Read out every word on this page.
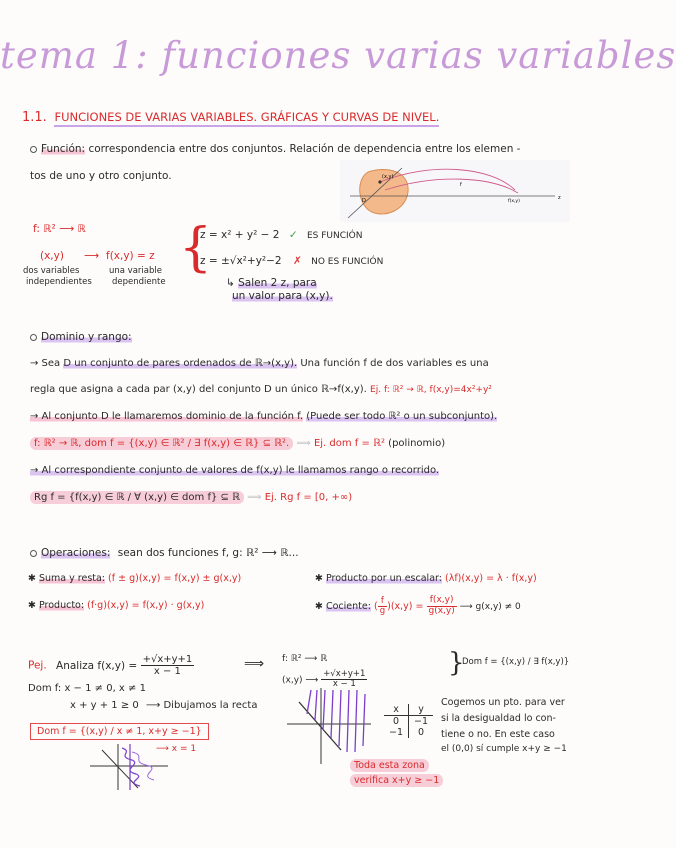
tema 1: funciones varias variables
1.1. FUNCIONES DE VARIAS VARIABLES. GRÁFICAS Y CURVAS DE NIVEL.
Función: correspondencia entre dos conjuntos. Relación de dependencia entre los elemen -
tos de uno y otro conjunto.	(x,y)
D
f
f(x,y)
z
f: ℝ² ⟶ ℝ
(x,y) ⟶ f(x,y) = z
dos variables
independientes
una variable
dependiente
{
z = x² + y² − 2 ✓ ES FUNCIÓN
z = ±√x²+y²−2 ✗ NO ES FUNCIÓN
↳ Salen 2 z, para
un valor para (x,y).
Dominio y rango:
→ Sea D un conjunto de pares ordenados de ℝ→(x,y). Una función f de dos variables es una
regla que asigna a cada par (x,y) del conjunto D un único ℝ→f(x,y). Ej. f: ℝ² → ℝ, f(x,y)=4x²+y²
→ Al conjunto D le llamaremos dominio de la función f. (Puede ser todo ℝ² o un subconjunto).
f: ℝ² → ℝ, dom f = {(x,y) ∈ ℝ² / ∃ f(x,y) ∈ ℝ} ⊆ ℝ². ⟹ Ej. dom f = ℝ² (polinomio)
→ Al correspondiente conjunto de valores de f(x,y) le llamamos rango o recorrido.
Rg f = {f(x,y) ∈ ℝ / ∀ (x,y) ∈ dom f} ⊆ ℝ ⟹ Ej. Rg f = [0, +∞)
Operaciones: sean dos funciones f, g: ℝ² ⟶ ℝ...
✱ Suma y resta: (f ± g)(x,y) = f(x,y) ± g(x,y)	✱ Producto por un escalar: (λf)(x,y) = λ · f(x,y)
✱ Producto: (f·g)(x,y) = f(x,y) · g(x,y)	✱ Cociente: ( $\frac{f}{g} )(x,y) = \frac{f(x,y)}{g(x,y)}$ ⟶ g(x,y) ≠ 0
Pej. Analiza $f(x,y) = \frac{+√x+y+1}{x - 1}$	⟹ f: ℝ² ⟶ ℝ
(x,y) ⟶ $\frac{+√x+y+1}{x - 1}$
}
Dom f = {(x,y) / ∃ f(x,y)}
Dom f: x − 1 ≠ 0, x ≠ 1
x + y + 1 ≥ 0 ⟶ Dibujamos la recta
Dom f = {(x,y) / x ≠ 1, x+y ≥ −1}
⟶ x = 1
x	y
0	−1
−1	0
Cogemos un pto. para ver
si la desigualdad lo con-
tiene o no. En este caso
el (0,0) sí cumple x+y ≥ −1
Toda esta zona
verifica x+y ≥ −1
